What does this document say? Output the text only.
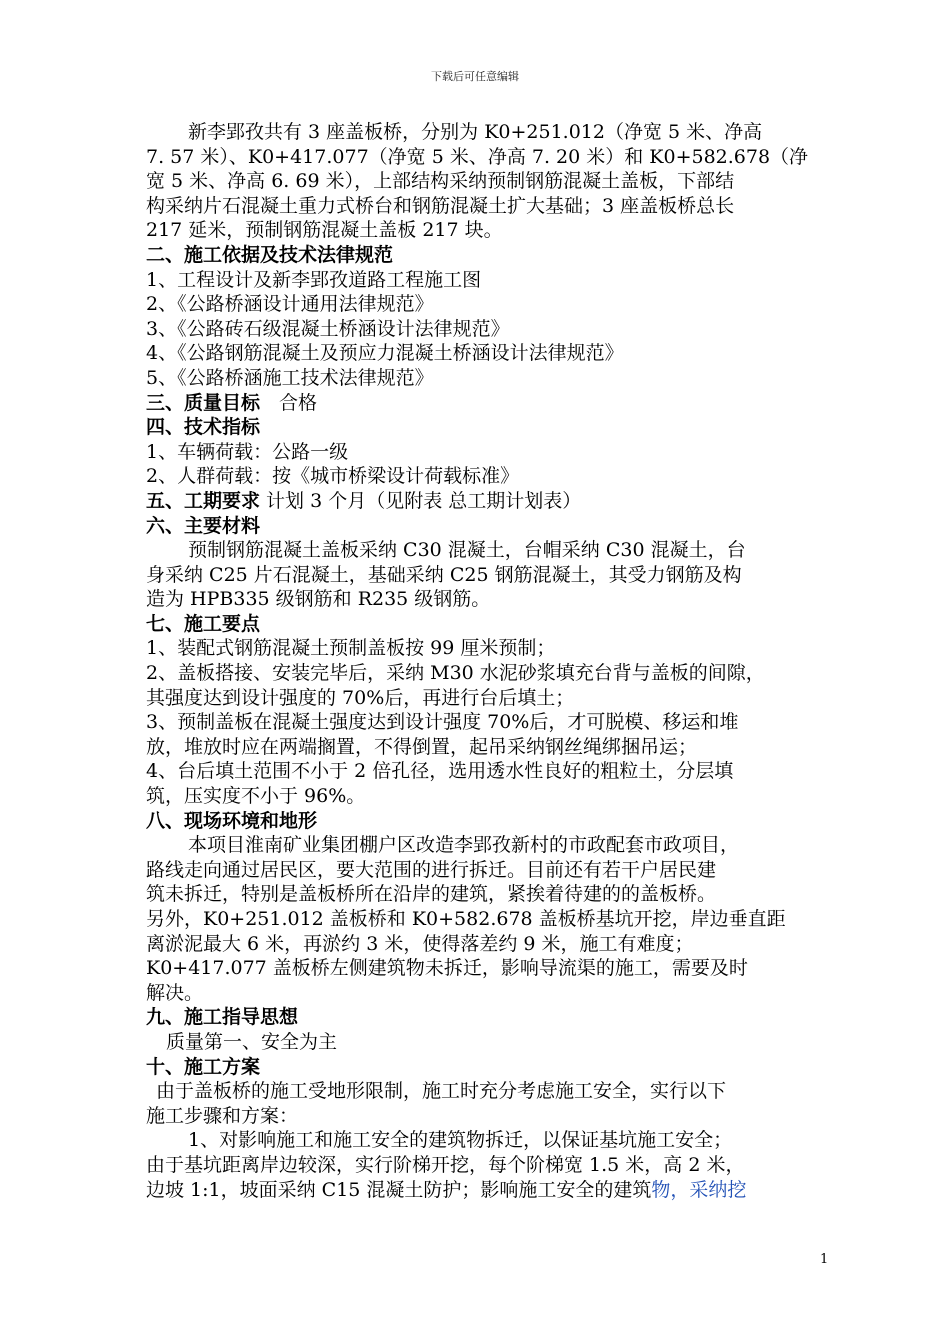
下载后可任意编辑

新李郢孜共有 3 座盖板桥，分别为 K0+251.012（净宽 5 米、净高

7. 57 米）、K0+417.077（净宽 5 米、净高 7. 20 米）和 K0+582.678（净

宽 5 米、净高 6. 69 米），上部结构采纳预制钢筋混凝土盖板，下部结

构采纳片石混凝土重力式桥台和钢筋混凝土扩大基础；3 座盖板桥总长

217 延米，预制钢筋混凝土盖板 217 块。

二、施工依据及技术法律规范

1、工程设计及新李郢孜道路工程施工图

2、《公路桥涵设计通用法律规范》

3、《公路砖石级混凝土桥涵设计法律规范》

4、《公路钢筋混凝土及预应力混凝土桥涵设计法律规范》

5、《公路桥涵施工技术法律规范》

三、质量目标　合格

四、技术指标

1、车辆荷载：公路一级

2、人群荷载：按《城市桥梁设计荷载标准》

五、工期要求 计划 3 个月（见附表 总工期计划表）

六、主要材料

预制钢筋混凝土盖板采纳 C30 混凝土，台帽采纳 C30 混凝土，台

身采纳 C25 片石混凝土，基础采纳 C25 钢筋混凝土，其受力钢筋及构

造为 HPB335 级钢筋和 R235 级钢筋。

七、施工要点

1、装配式钢筋混凝土预制盖板按 99 厘米预制；

2、盖板搭接、安装完毕后，采纳 M30 水泥砂浆填充台背与盖板的间隙，

其强度达到设计强度的 70%后，再进行台后填土；

3、预制盖板在混凝土强度达到设计强度 70%后，才可脱模、移运和堆

放，堆放时应在两端搁置，不得倒置，起吊采纳钢丝绳绑捆吊运；

4、台后填土范围不小于 2 倍孔径，选用透水性良好的粗粒土，分层填

筑，压实度不小于 96%。

八、现场环境和地形

本项目淮南矿业集团棚户区改造李郢孜新村的市政配套市政项目，

路线走向通过居民区，要大范围的进行拆迁。目前还有若干户居民建

筑未拆迁，特别是盖板桥所在沿岸的建筑，紧挨着待建的的盖板桥。

另外，K0+251.012 盖板桥和 K0+582.678 盖板桥基坑开挖，岸边垂直距

离淤泥最大 6 米，再淤约 3 米，使得落差约 9 米，施工有难度；

K0+417.077 盖板桥左侧建筑物未拆迁，影响导流渠的施工，需要及时

解决。

九、施工指导思想

质量第一、安全为主

十、施工方案

由于盖板桥的施工受地形限制，施工时充分考虑施工安全，实行以下

施工步骤和方案：

1、对影响施工和施工安全的建筑物拆迁，以保证基坑施工安全；

由于基坑距离岸边较深，实行阶梯开挖，每个阶梯宽 1.5 米，高 2 米，

边坡 1:1，坡面采纳 C15 混凝土防护；影响施工安全的建筑物，采纳挖

1
